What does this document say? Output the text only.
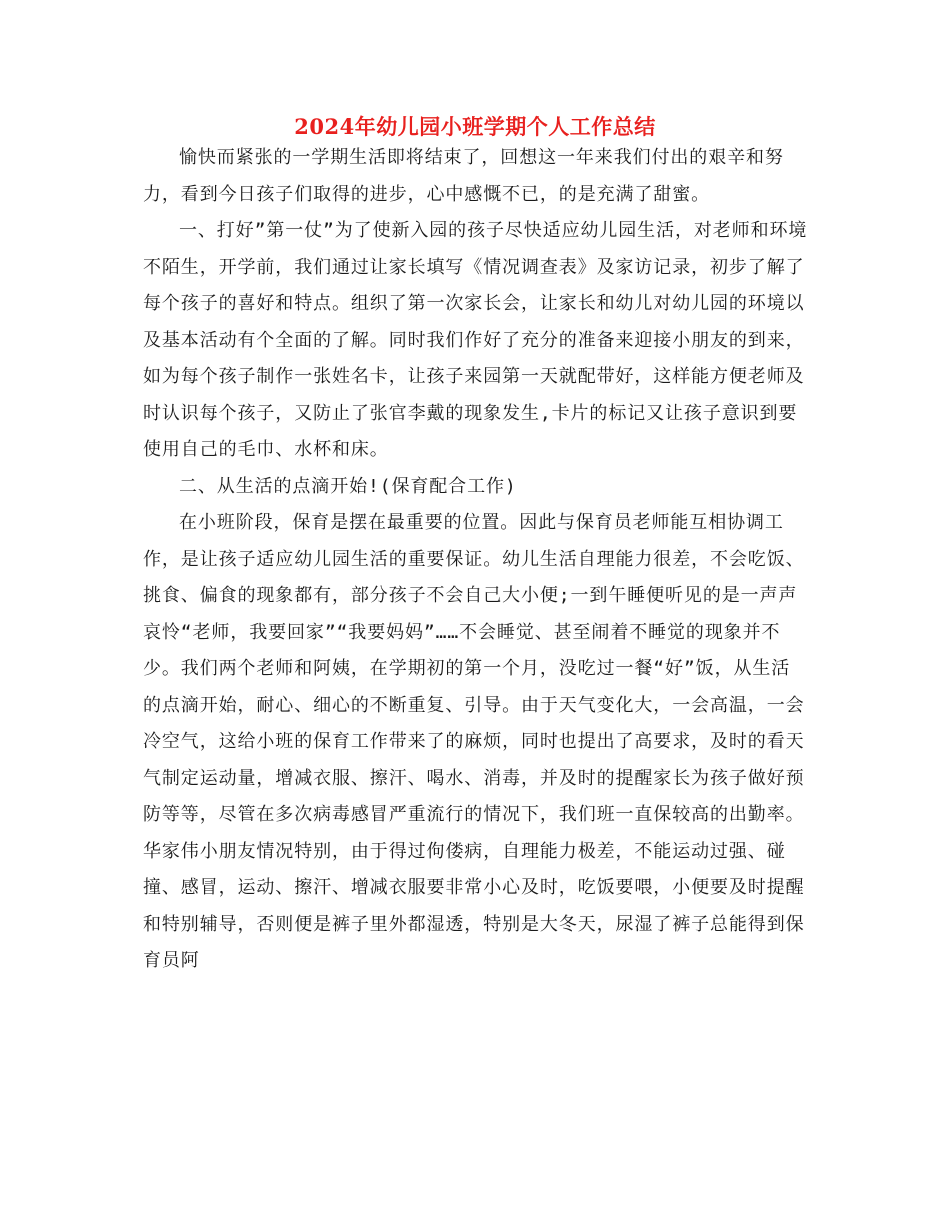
2024年幼儿园小班学期个人工作总结

愉快而紧张的一学期生活即将结束了，回想这一年来我们付出的艰辛和努力，看到今日孩子们取得的进步，心中感慨不已，的是充满了甜蜜。

一、打好”第一仗”为了使新入园的孩子尽快适应幼儿园生活，对老师和环境不陌生，开学前，我们通过让家长填写《情况调查表》及家访记录，初步了解了每个孩子的喜好和特点。组织了第一次家长会，让家长和幼儿对幼儿园的环境以及基本活动有个全面的了解。同时我们作好了充分的准备来迎接小朋友的到来，如为每个孩子制作一张姓名卡，让孩子来园第一天就配带好，这样能方便老师及时认识每个孩子，又防止了张官李戴的现象发生,卡片的标记又让孩子意识到要使用自己的毛巾、水杯和床。

二、从生活的点滴开始!(保育配合工作)

在小班阶段，保育是摆在最重要的位置。因此与保育员老师能互相协调工作，是让孩子适应幼儿园生活的重要保证。幼儿生活自理能力很差，不会吃饭、挑食、偏食的现象都有，部分孩子不会自己大小便;一到午睡便听见的是一声声哀怜“老师，我要回家”“我要妈妈”……不会睡觉、甚至闹着不睡觉的现象并不少。我们两个老师和阿姨，在学期初的第一个月，没吃过一餐“好”饭，从生活的点滴开始，耐心、细心的不断重复、引导。由于天气变化大，一会高温，一会冷空气，这给小班的保育工作带来了的麻烦，同时也提出了高要求，及时的看天气制定运动量，增减衣服、擦汗、喝水、消毒，并及时的提醒家长为孩子做好预防等等，尽管在多次病毒感冒严重流行的情况下，我们班一直保较高的出勤率。华家伟小朋友情况特别，由于得过佝偻病，自理能力极差，不能运动过强、碰撞、感冒，运动、擦汗、增减衣服要非常小心及时，吃饭要喂，小便要及时提醒和特别辅导，否则便是裤子里外都湿透，特别是大冬天，尿湿了裤子总能得到保育员阿
